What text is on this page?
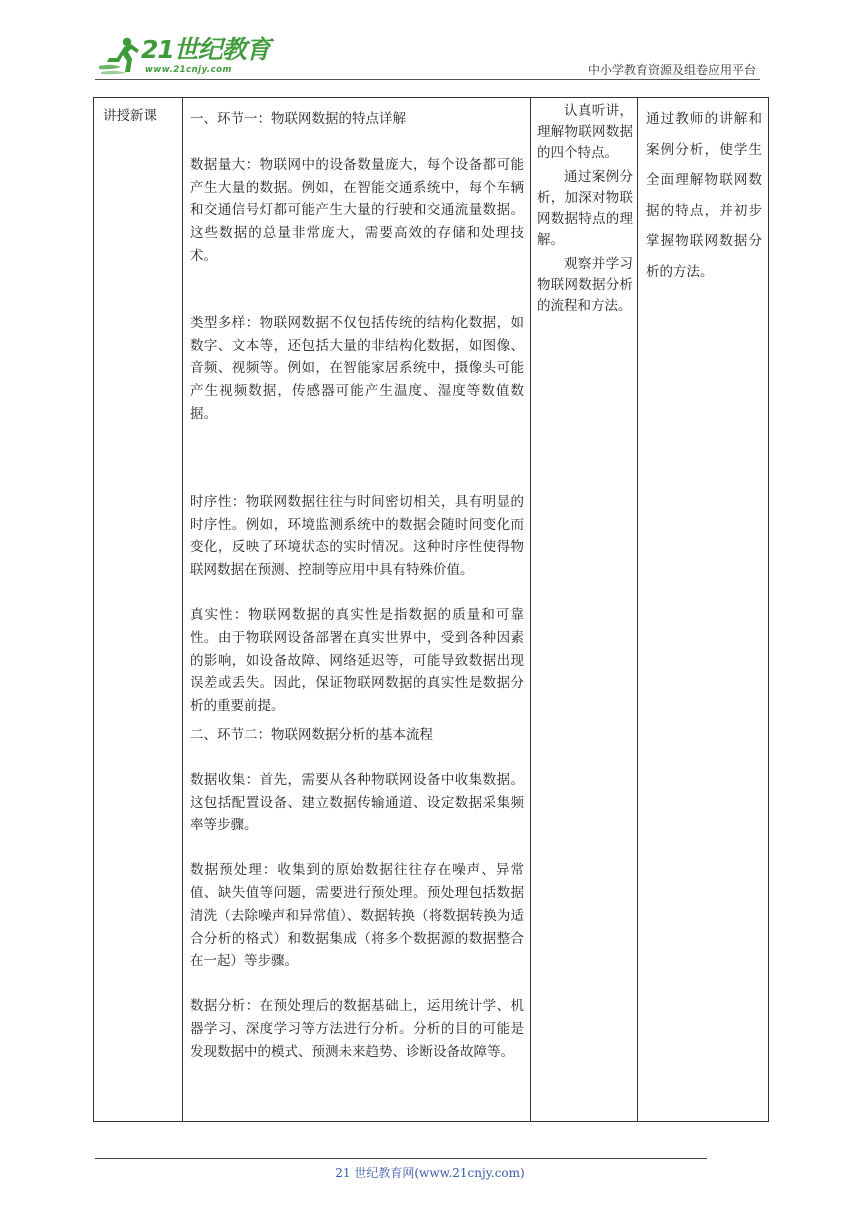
21世纪教育
www.21cnjy.com	中小学教育资源及组卷应用平台
讲授新课 一、环节一：物联网数据的特点详解

数据量大：物联网中的设备数量庞大，每个设备都可能产生大量的数据。例如，在智能交通系统中，每个车辆和交通信号灯都可能产生大量的行驶和交通流量数据。这些数据的总量非常庞大，需要高效的存储和处理技术。

类型多样：物联网数据不仅包括传统的结构化数据，如数字、文本等，还包括大量的非结构化数据，如图像、音频、视频等。例如，在智能家居系统中，摄像头可能产生视频数据，传感器可能产生温度、湿度等数值数据。

时序性：物联网数据往往与时间密切相关，具有明显的时序性。例如，环境监测系统中的数据会随时间变化而变化，反映了环境状态的实时情况。这种时序性使得物联网数据在预测、控制等应用中具有特殊价值。

真实性：物联网数据的真实性是指数据的质量和可靠性。由于物联网设备部署在真实世界中，受到各种因素的影响，如设备故障、网络延迟等，可能导致数据出现误差或丢失。因此，保证物联网数据的真实性是数据分析的重要前提。

二、环节二：物联网数据分析的基本流程

数据收集：首先，需要从各种物联网设备中收集数据。这包括配置设备、建立数据传输通道、设定数据采集频率等步骤。

数据预处理：收集到的原始数据往往存在噪声、异常值、缺失值等问题，需要进行预处理。预处理包括数据清洗（去除噪声和异常值）、数据转换（将数据转换为适合分析的格式）和数据集成（将多个数据源的数据整合在一起）等步骤。

数据分析：在预处理后的数据基础上，运用统计学、机器学习、深度学习等方法进行分析。分析的目的可能是发现数据中的模式、预测未来趋势、诊断设备故障等。

认真听讲，理解物联网数据的四个特点。

通过案例分析，加深对物联网数据特点的理解。

观察并学习物联网数据分析的流程和方法。

通过教师的讲解和案例分析，使学生全面理解物联网数据的特点，并初步掌握物联网数据分析的方法。
21 世纪教育网(www.21cnjy.com)
